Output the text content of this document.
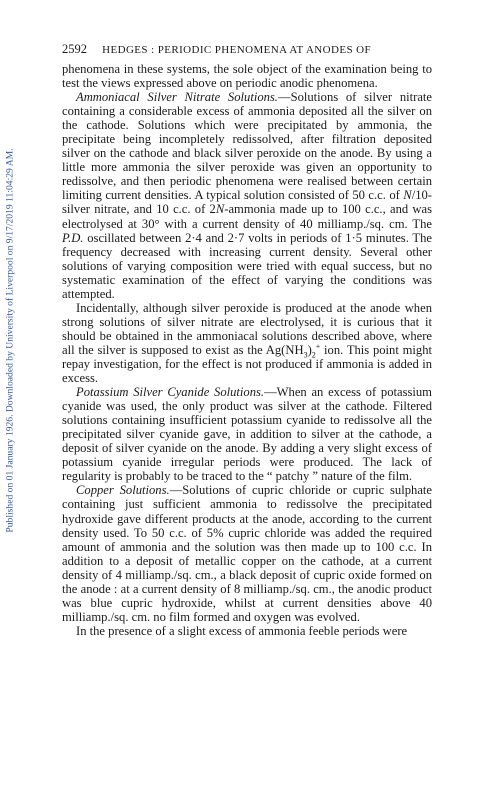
Published on 01 January 1926. Downloaded by University of Liverpool on 9/17/2019 11:04:29 AM.
2592 HEDGES : PERIODIC PHENOMENA AT ANODES OF

phenomena in these systems, the sole object of the examination being to test the views expressed above on periodic anodic phenomena.

Ammoniacal Silver Nitrate Solutions.—Solutions of silver nitrate containing a considerable excess of ammonia deposited all the silver on the cathode. Solutions which were precipitated by ammonia, the precipitate being incompletely redissolved, after filtration deposited silver on the cathode and black silver peroxide on the anode. By using a little more ammonia the silver peroxide was given an opportunity to redissolve, and then periodic phenomena were realised between certain limiting current densities. A typical solution consisted of 50 c.c. of N/10-silver nitrate, and 10 c.c. of 2N-ammonia made up to 100 c.c., and was electrolysed at 30° with a current density of 40 milliamp./sq. cm. The P.D. oscillated between 2·4 and 2·7 volts in periods of 1·5 minutes. The frequency decreased with increasing current density. Several other solutions of varying composition were tried with equal success, but no systematic examination of the effect of varying the conditions was attempted.

Incidentally, although silver peroxide is produced at the anode when strong solutions of silver nitrate are electrolysed, it is curious that it should be obtained in the ammoniacal solutions described above, where all the silver is supposed to exist as the $Ag(NH_3)_2^+$ ion. This point might repay investigation, for the effect is not produced if ammonia is added in excess.

Potassium Silver Cyanide Solutions.—When an excess of potassium cyanide was used, the only product was silver at the cathode. Filtered solutions containing insufficient potassium cyanide to redissolve all the precipitated silver cyanide gave, in addition to silver at the cathode, a deposit of silver cyanide on the anode. By adding a very slight excess of potassium cyanide irregular periods were produced. The lack of regularity is probably to be traced to the “ patchy ” nature of the film.

Copper Solutions.—Solutions of cupric chloride or cupric sulphate containing just sufficient ammonia to redissolve the precipitated hydroxide gave different products at the anode, according to the current density used. To 50 c.c. of 5% cupric chloride was added the required amount of ammonia and the solution was then made up to 100 c.c. In addition to a deposit of metallic copper on the cathode, at a current density of 4 milliamp./sq. cm., a black deposit of cupric oxide formed on the anode : at a current density of 8 milliamp./sq. cm., the anodic product was blue cupric hydroxide, whilst at current densities above 40 milliamp./sq. cm. no film formed and oxygen was evolved.

In the presence of a slight excess of ammonia feeble periods were
